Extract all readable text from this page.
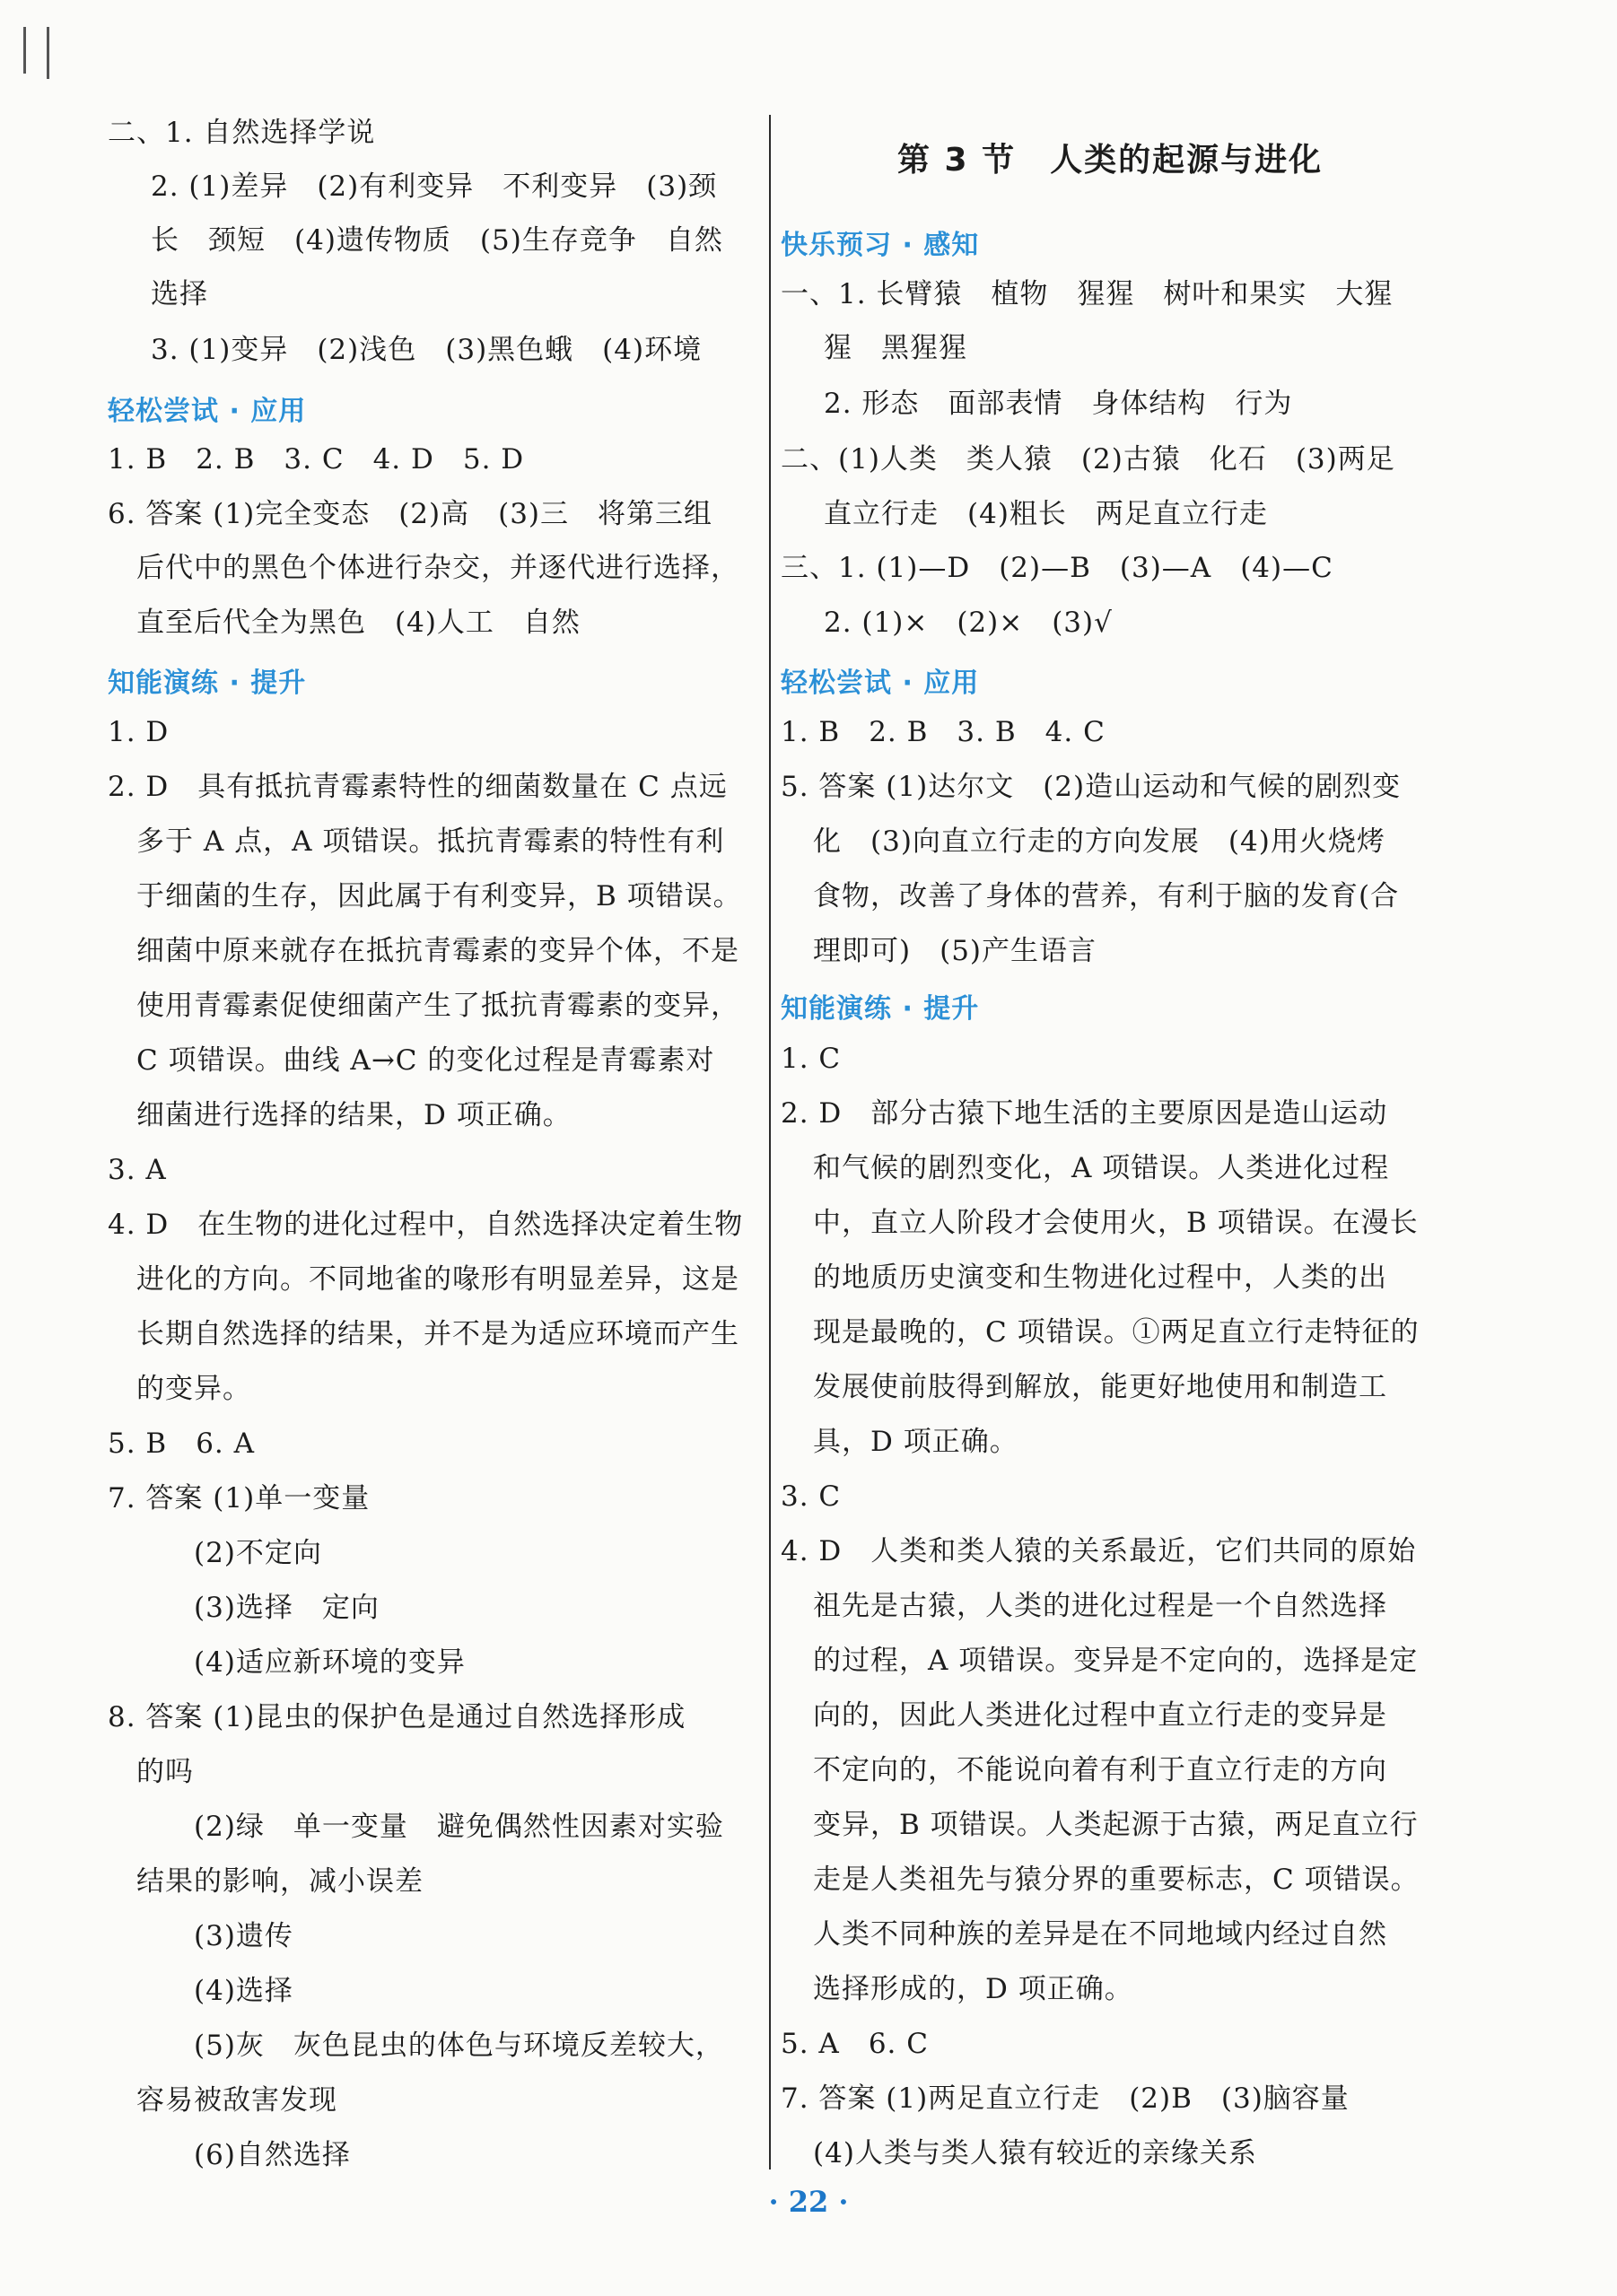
二、1. 自然选择学说
2. (1)差异　(2)有利变异　不利变异　(3)颈
长　颈短　(4)遗传物质　(5)生存竞争　自然
选择
3. (1)变异　(2)浅色　(3)黑色蛾　(4)环境
轻松尝试 · 应用
1. B　2. B　3. C　4. D　5. D
6. 答案 (1)完全变态　(2)高　(3)三　将第三组
后代中的黑色个体进行杂交，并逐代进行选择，
直至后代全为黑色　(4)人工　自然
知能演练 · 提升
1. D
2. D　具有抵抗青霉素特性的细菌数量在 C 点远
多于 A 点，A 项错误。抵抗青霉素的特性有利
于细菌的生存，因此属于有利变异，B 项错误。
细菌中原来就存在抵抗青霉素的变异个体，不是
使用青霉素促使细菌产生了抵抗青霉素的变异，
C 项错误。曲线 A→C 的变化过程是青霉素对
细菌进行选择的结果，D 项正确。
3. A
4. D　在生物的进化过程中，自然选择决定着生物
进化的方向。不同地雀的喙形有明显差异，这是
长期自然选择的结果，并不是为适应环境而产生
的变异。
5. B　6. A
7. 答案 (1)单一变量
(2)不定向
(3)选择　定向
(4)适应新环境的变异
8. 答案 (1)昆虫的保护色是通过自然选择形成
的吗
(2)绿　单一变量　避免偶然性因素对实验
结果的影响，减小误差
(3)遗传
(4)选择
(5)灰　灰色昆虫的体色与环境反差较大，
容易被敌害发现
(6)自然选择
第 3 节　人类的起源与进化
快乐预习 · 感知
一、1. 长臂猿　植物　猩猩　树叶和果实　大猩
猩　黑猩猩
2. 形态　面部表情　身体结构　行为
二、(1)人类　类人猿　(2)古猿　化石　(3)两足
直立行走　(4)粗长　两足直立行走
三、1. (1)—D　(2)—B　(3)—A　(4)—C
2. (1)×　(2)×　(3)√
轻松尝试 · 应用
1. B　2. B　3. B　4. C
5. 答案 (1)达尔文　(2)造山运动和气候的剧烈变
化　(3)向直立行走的方向发展　(4)用火烧烤
食物，改善了身体的营养，有利于脑的发育(合
理即可)　(5)产生语言
知能演练 · 提升
1. C
2. D　部分古猿下地生活的主要原因是造山运动
和气候的剧烈变化，A 项错误。人类进化过程
中，直立人阶段才会使用火，B 项错误。在漫长
的地质历史演变和生物进化过程中，人类的出
现是最晚的，C 项错误。①两足直立行走特征的
发展使前肢得到解放，能更好地使用和制造工
具，D 项正确。
3. C
4. D　人类和类人猿的关系最近，它们共同的原始
祖先是古猿，人类的进化过程是一个自然选择
的过程，A 项错误。变异是不定向的，选择是定
向的，因此人类进化过程中直立行走的变异是
不定向的，不能说向着有利于直立行走的方向
变异，B 项错误。人类起源于古猿，两足直立行
走是人类祖先与猿分界的重要标志，C 项错误。
人类不同种族的差异是在不同地域内经过自然
选择形成的，D 项正确。
5. A　6. C
7. 答案 (1)两足直立行走　(2)B　(3)脑容量
(4)人类与类人猿有较近的亲缘关系
· 22 ·
